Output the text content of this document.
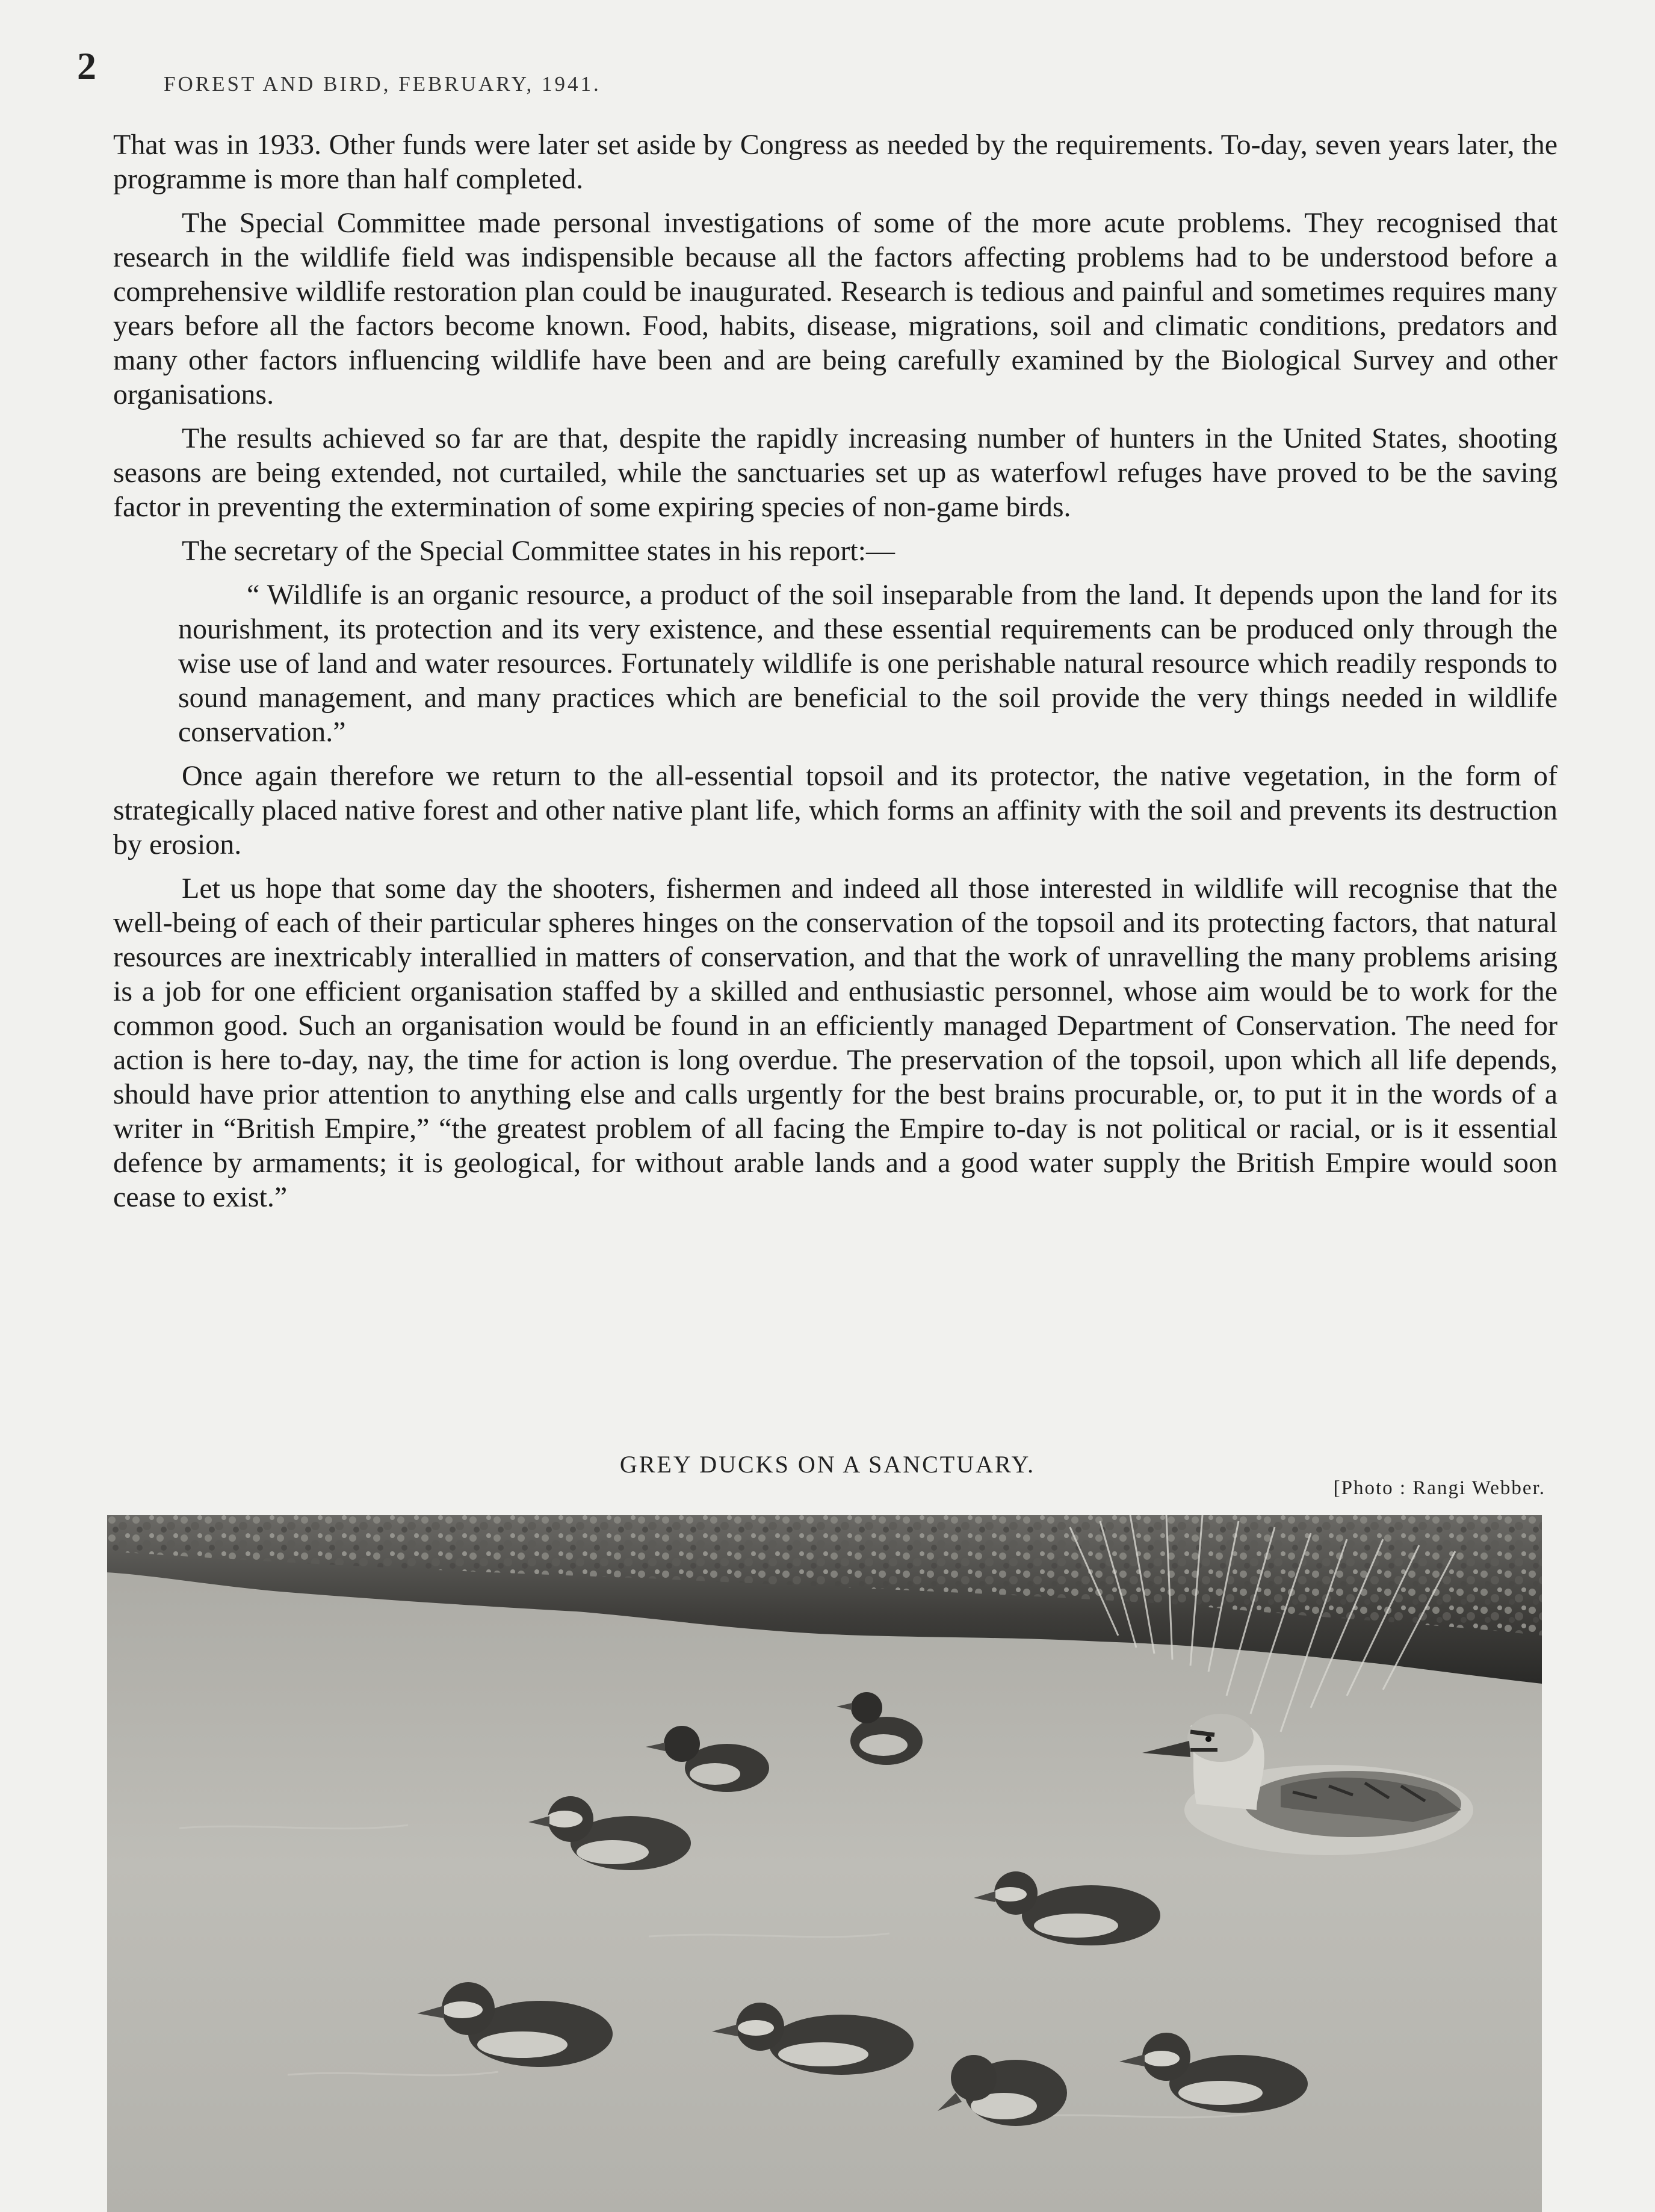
2	FOREST AND BIRD, FEBRUARY, 1941.

That was in 1933. Other funds were later set aside by Congress as needed by the requirements. To-day, seven years later, the programme is more than half completed.

The Special Committee made personal investigations of some of the more acute problems. They recognised that research in the wildlife field was indispensible because all the factors affecting problems had to be understood before a comprehensive wildlife restoration plan could be inaugurated. Research is tedious and painful and sometimes requires many years before all the factors become known. Food, habits, disease, migrations, soil and climatic conditions, predators and many other factors influencing wildlife have been and are being carefully examined by the Biological Survey and other organisations.

The results achieved so far are that, despite the rapidly increasing number of hunters in the United States, shooting seasons are being extended, not curtailed, while the sanctuaries set up as waterfowl refuges have proved to be the saving factor in preventing the extermination of some expiring species of non-game birds.

The secretary of the Special Committee states in his report:—

“ Wildlife is an organic resource, a product of the soil inseparable from the land. It depends upon the land for its nourishment, its protection and its very existence, and these essential requirements can be produced only through the wise use of land and water resources. Fortunately wildlife is one perishable natural resource which readily responds to sound management, and many practices which are beneficial to the soil provide the very things needed in wildlife conservation.”

Once again therefore we return to the all-essential topsoil and its protector, the native vegetation, in the form of strategically placed native forest and other native plant life, which forms an affinity with the soil and prevents its destruction by erosion.

Let us hope that some day the shooters, fishermen and indeed all those interested in wildlife will recognise that the well-being of each of their particular spheres hinges on the conservation of the topsoil and its protecting factors, that natural resources are inextricably interallied in matters of conservation, and that the work of unravelling the many problems arising is a job for one efficient organisation staffed by a skilled and enthusiastic personnel, whose aim would be to work for the common good. Such an organisation would be found in an efficiently managed Department of Conservation. The need for action is here to-day, nay, the time for action is long overdue. The preservation of the topsoil, upon which all life depends, should have prior attention to anything else and calls urgently for the best brains procurable, or, to put it in the words of a writer in “British Empire,” “the greatest problem of all facing the Empire to-day is not political or racial, or is it essential defence by armaments; it is geological, for without arable lands and a good water supply the British Empire would soon cease to exist.”

GREY DUCKS ON A SANCTUARY.
[Photo : Rangi Webber.
